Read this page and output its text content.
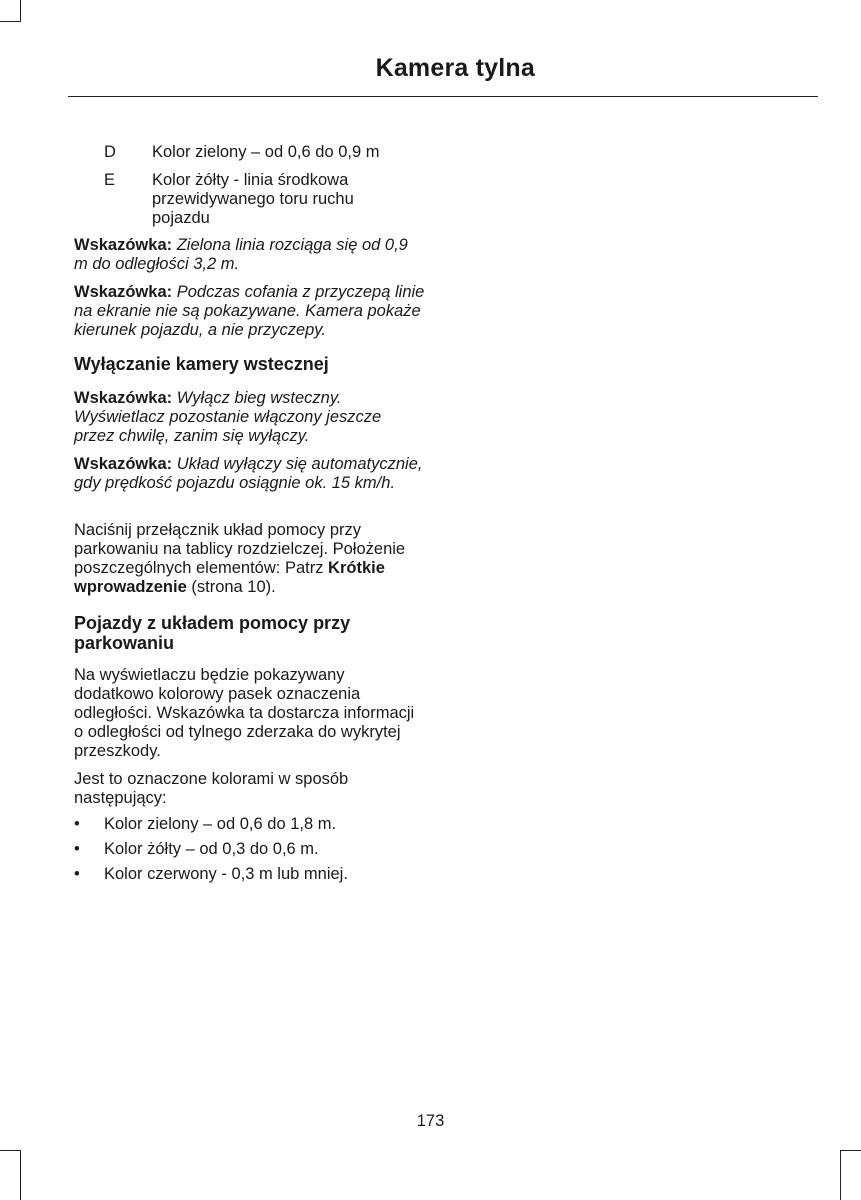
Kamera tylna
D Kolor zielony – od 0,6 do 0,9 m
E Kolor żółty - linia środkowa przewidywanego toru ruchu pojazdu
Wskazówka: Zielona linia rozciąga się od 0,9 m do odległości 3,2 m.
Wskazówka: Podczas cofania z przyczepą linie na ekranie nie są pokazywane. Kamera pokaże kierunek pojazdu, a nie przyczepy.
Wyłączanie kamery wstecznej
Wskazówka: Wyłącz bieg wsteczny. Wyświetlacz pozostanie włączony jeszcze przez chwilę, zanim się wyłączy.
Wskazówka: Układ wyłączy się automatycznie, gdy prędkość pojazdu osiągnie ok. 15 km/h.
Naciśnij przełącznik układ pomocy przy parkowaniu na tablicy rozdzielczej. Położenie poszczególnych elementów: Patrz Krótkie wprowadzenie (strona 10).
Pojazdy z układem pomocy przy parkowaniu
Na wyświetlaczu będzie pokazywany dodatkowo kolorowy pasek oznaczenia odległości. Wskazówka ta dostarcza informacji o odległości od tylnego zderzaka do wykrytej przeszkody.
Jest to oznaczone kolorami w sposób następujący:
• Kolor zielony – od 0,6 do 1,8 m.
• Kolor żółty – od 0,3 do 0,6 m.
• Kolor czerwony - 0,3 m lub mniej.
173
